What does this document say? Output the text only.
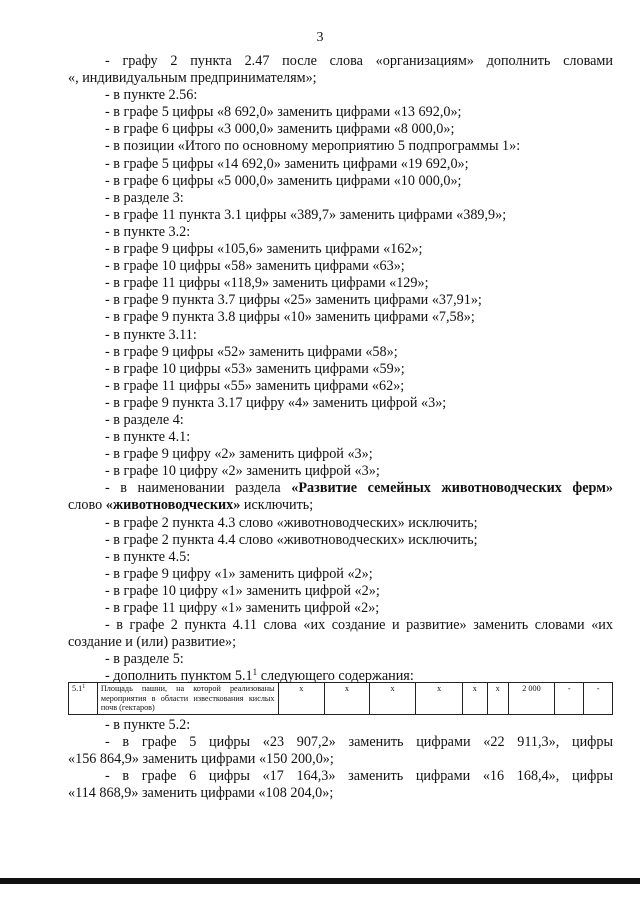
3
- графу 2 пункта 2.47 после слова «организациям» дополнить словами
«, индивидуальным предпринимателям»;
- в пункте 2.56:
- в графе 5 цифры «8 692,0» заменить цифрами «13 692,0»;
- в графе 6 цифры «3 000,0» заменить цифрами «8 000,0»;
- в позиции «Итого по основному мероприятию 5 подпрограммы 1»:
- в графе 5 цифры «14 692,0» заменить цифрами «19 692,0»;
- в графе 6 цифры «5 000,0» заменить цифрами «10 000,0»;
- в разделе 3:
- в графе 11 пункта 3.1 цифры «389,7» заменить цифрами «389,9»;
- в пункте 3.2:
- в графе 9 цифры «105,6» заменить цифрами «162»;
- в графе 10 цифры «58» заменить цифрами «63»;
- в графе 11 цифры «118,9» заменить цифрами «129»;
- в графе 9 пункта 3.7 цифры «25» заменить цифрами «37,91»;
- в графе 9 пункта 3.8 цифры «10» заменить цифрами «7,58»;
- в пункте 3.11:
- в графе 9 цифры «52» заменить цифрами «58»;
- в графе 10 цифры «53» заменить цифрами «59»;
- в графе 11 цифры «55» заменить цифрами «62»;
- в графе 9 пункта 3.17 цифру «4» заменить цифрой «3»;
- в разделе 4:
- в пункте 4.1:
- в графе 9 цифру «2» заменить цифрой «3»;
- в графе 10 цифру «2» заменить цифрой «3»;
- в наименовании раздела «Развитие семейных животноводческих ферм»
слово «животноводческих» исключить;
- в графе 2 пункта 4.3 слово «животноводческих» исключить;
- в графе 2 пункта 4.4 слово «животноводческих» исключить;
- в пункте 4.5:
- в графе 9 цифру «1» заменить цифрой «2»;
- в графе 10 цифру «1» заменить цифрой «2»;
- в графе 11 цифру «1» заменить цифрой «2»;
- в графе 2 пункта 4.11 слова «их создание и развитие» заменить словами «их
создание и (или) развитие»;
- в разделе 5:
- дополнить пунктом $5.1^1$ следующего содержания:
$5.1^1$	Площадь пашни, на которой реализованы мероприятия в области известкования кислых почв (гектаров)	x	x	x	x	x	x	2 000	-	-
- в пункте 5.2:
- в графе 5 цифры «23 907,2» заменить цифрами «22 911,3», цифры
«156 864,9» заменить цифрами «150 200,0»;
- в графе 6 цифры «17 164,3» заменить цифрами «16 168,4», цифры
«114 868,9» заменить цифрами «108 204,0»;
